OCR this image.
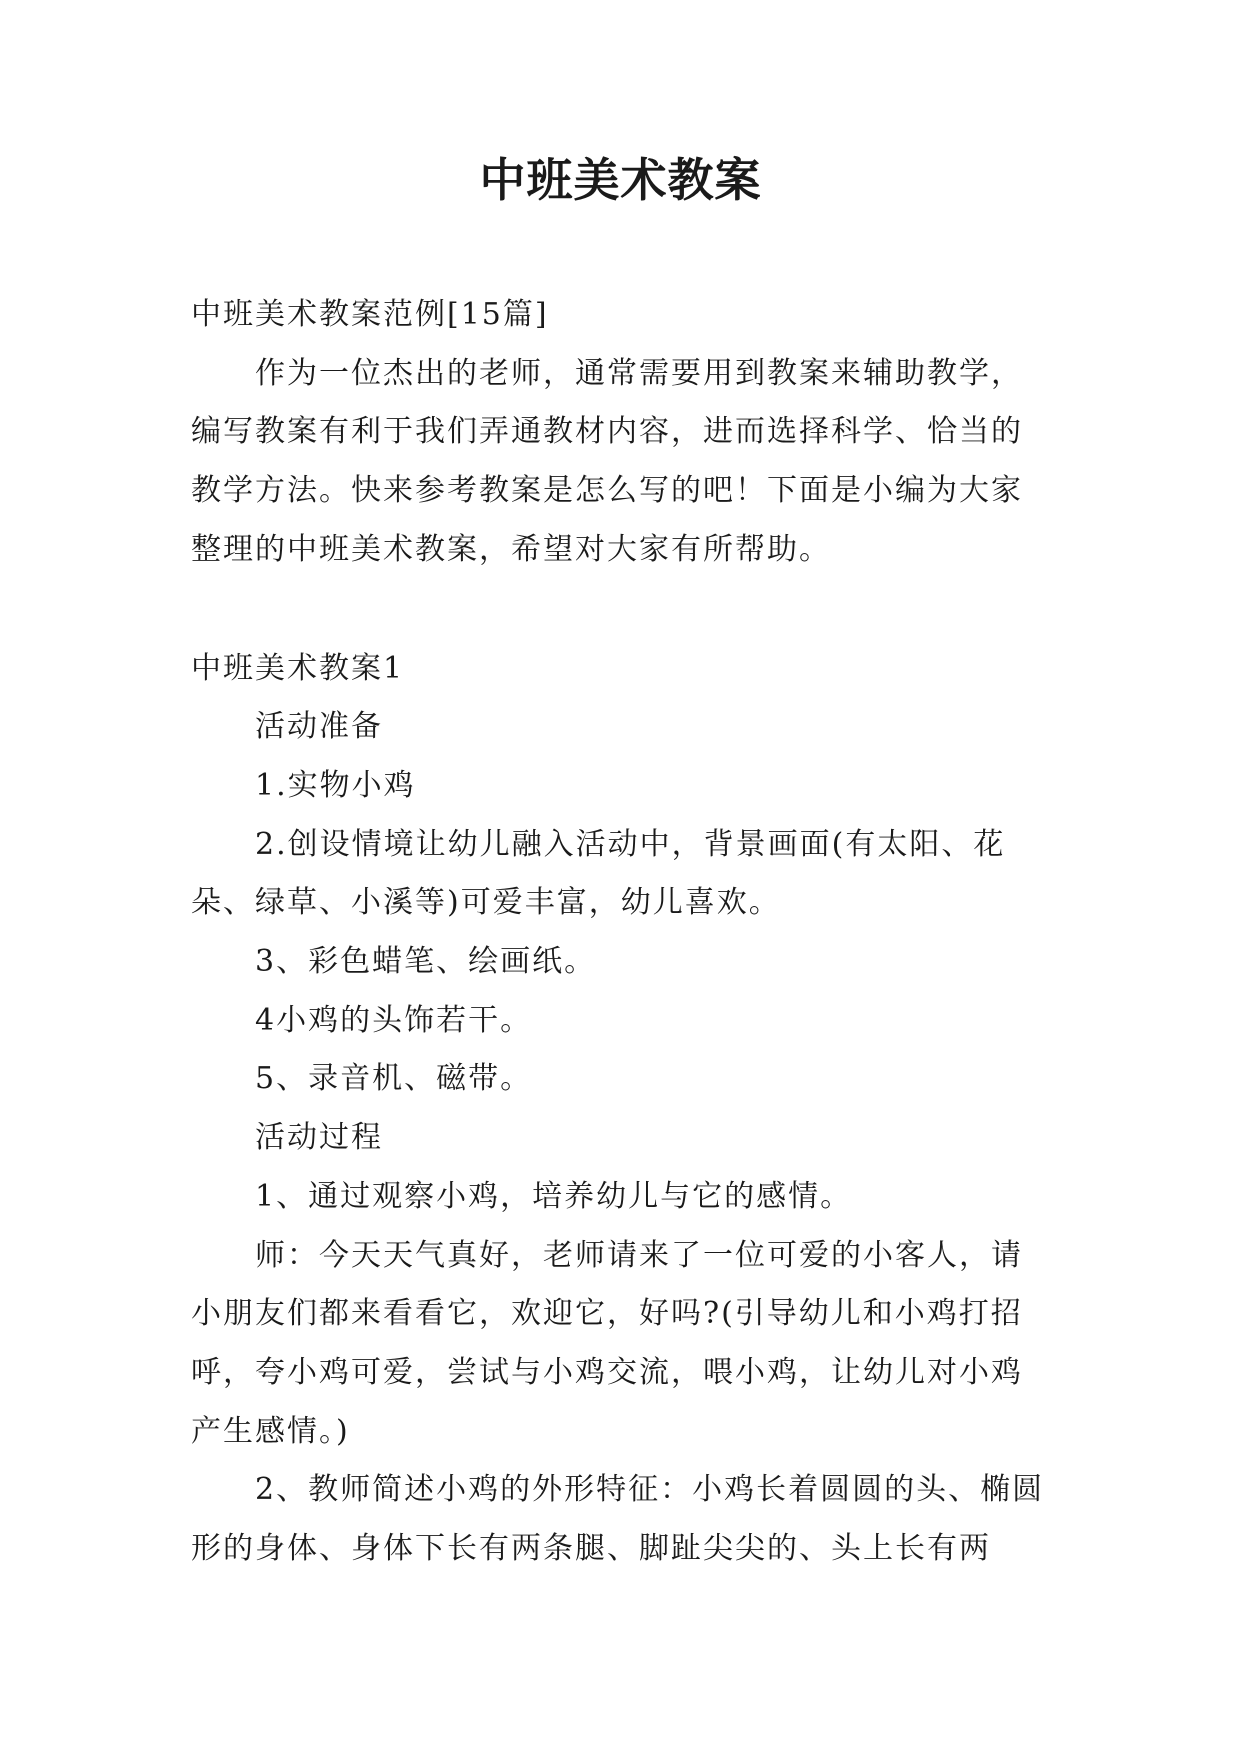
中班美术教案

中班美术教案范例[15篇]

作为一位杰出的老师，通常需要用到教案来辅助教学，编写教案有利于我们弄通教材内容，进而选择科学、恰当的教学方法。快来参考教案是怎么写的吧！下面是小编为大家整理的中班美术教案，希望对大家有所帮助。

中班美术教案1

活动准备

1.实物小鸡

2.创设情境让幼儿融入活动中，背景画面(有太阳、花朵、绿草、小溪等)可爱丰富，幼儿喜欢。

3、彩色蜡笔、绘画纸。

4小鸡的头饰若干。

5、录音机、磁带。

活动过程

1、通过观察小鸡，培养幼儿与它的感情。

师：今天天气真好，老师请来了一位可爱的小客人，请小朋友们都来看看它，欢迎它，好吗?(引导幼儿和小鸡打招呼，夸小鸡可爱，尝试与小鸡交流，喂小鸡，让幼儿对小鸡产生感情。)

2、教师简述小鸡的外形特征：小鸡长着圆圆的头、椭圆形的身体、身体下长有两条腿、脚趾尖尖的、头上长有两
